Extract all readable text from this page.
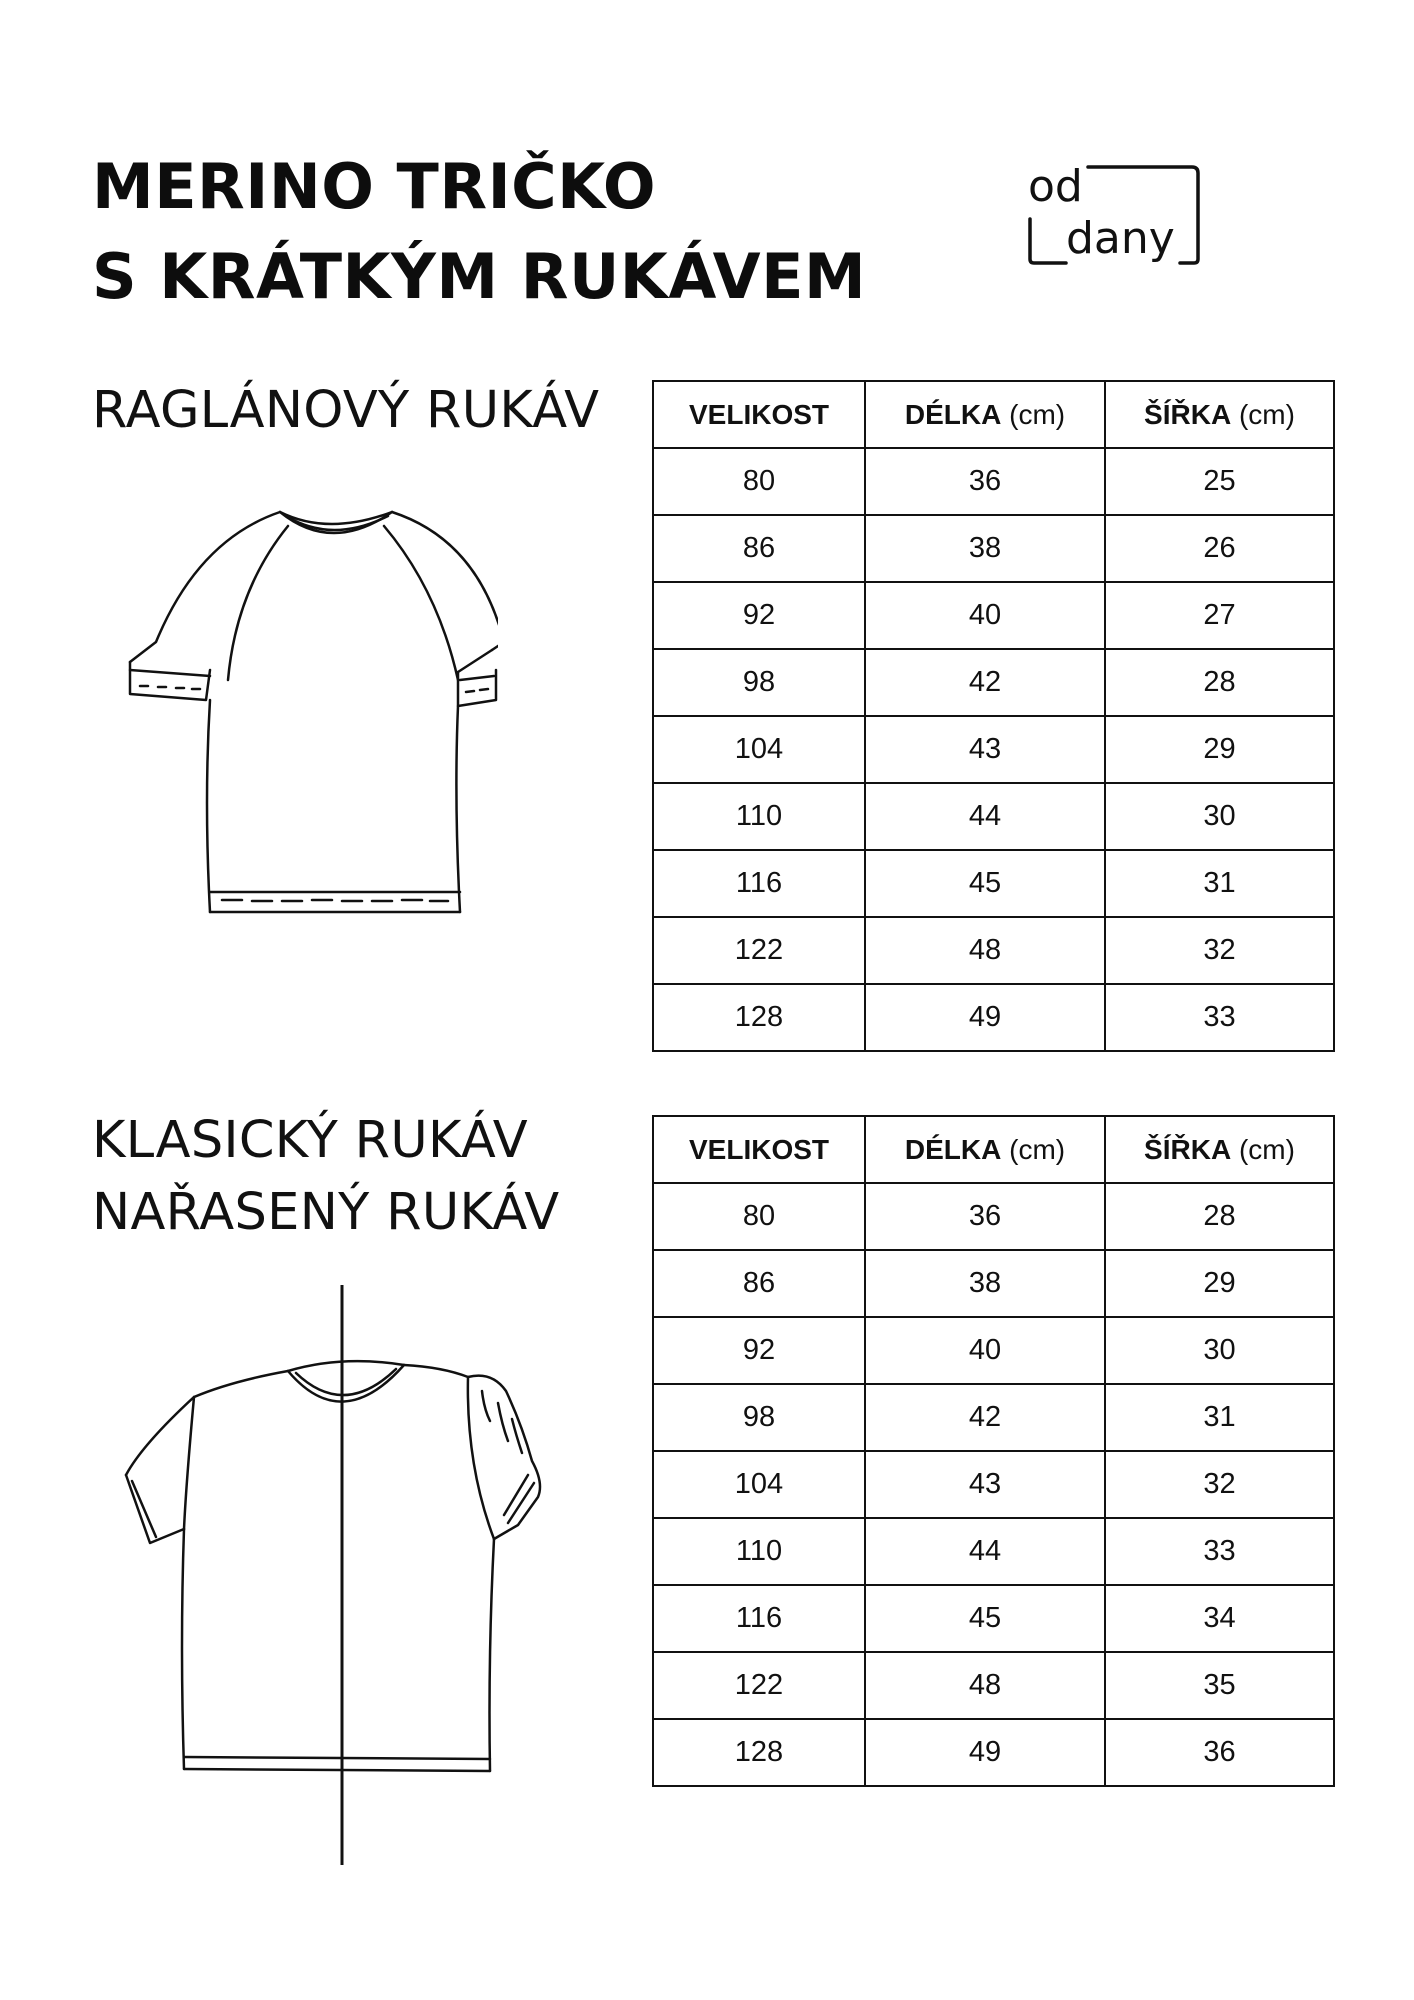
MERINO TRIČKO
S KRÁTKÝM RUKÁVEM
od
dany
RAGLÁNOVÝ RUKÁV	VELIKOST	DÉLKA (cm)	ŠÍŘKA (cm)
80	36	25
86	38	26
92	40	27
98	42	28
104	43	29
110	44	30
116	45	31
122	48	32
128	49	33
KLASICKÝ RUKÁV
NAŘASENÝ RUKÁV
VELIKOST	DÉLKA (cm)	ŠÍŘKA (cm)
80	36	28
86	38	29
92	40	30
98	42	31
104	43	32
110	44	33
116	45	34
122	48	35
128	49	36
